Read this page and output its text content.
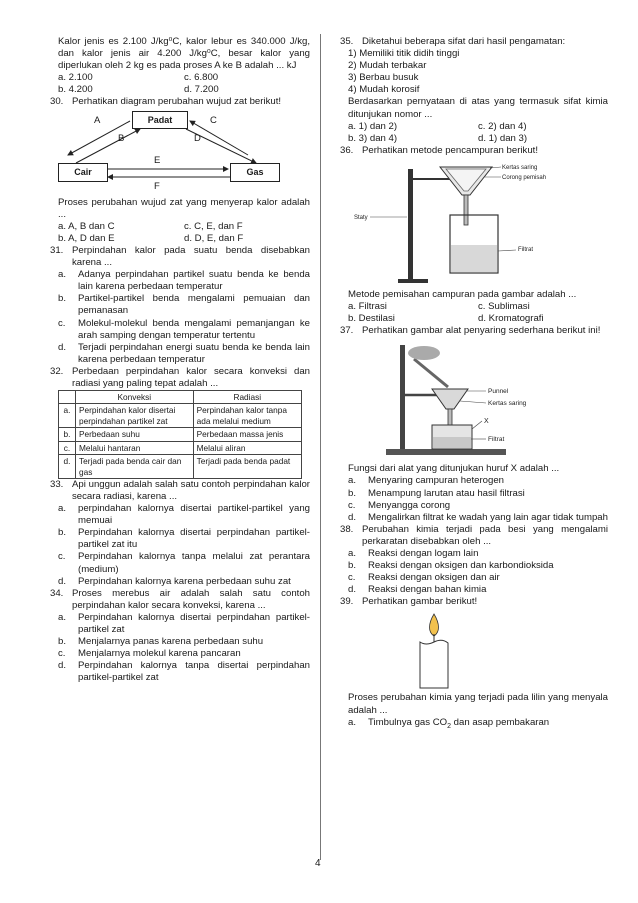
Kalor jenis es 2.100 J/kg⁰C, kalor lebur es 340.000 J/kg, dan kalor jenis air 4.200 J/kg⁰C, besar kalor yang diperlukan oleh 2 kg es pada proses A ke B adalah ... kJ
a. 2.100	c. 6.800
b. 4.200	d. 7.200
30. Perhatikan diagram perubahan wujud zat berikut!
Padat
Cair	Gas
A
B
C
D
E
F
Proses perubahan wujud zat yang menyerap kalor adalah ...
a. A, B dan C	c. C, E, dan F
b. A, D dan E	d. D, E, dan F
31. Perpindahan kalor pada suatu benda disebabkan karena ...
a.	Adanya perpindahan partikel suatu benda ke benda lain karena perbedaan temperatur
b.	Partikel-partikel benda mengalami pemuaian dan pemanasan
c.	Molekul-molekul benda mengalami pemanjangan ke arah samping dengan temperatur tertentu
d.	Terjadi perpindahan energi suatu benda ke benda lain karena perbedaan temperatur
32. Perbedaan perpindahan kalor secara konveksi dan radiasi yang paling tepat adalah ...
	Konveksi	Radiasi
a.	Perpindahan kalor disertai perpindahan partikel zat	Perpindahan kalor tanpa ada melalui medium
b.	Perbedaan suhu	Perbedaan massa jenis
c.	Melalui hantaran	Melalui aliran
d.	Terjadi pada benda cair dan gas	Terjadi pada benda padat
33. Api unggun adalah salah satu contoh perpindahan kalor secara radiasi, karena ...
a.	perpindahan kalornya disertai partikel-partikel yang memuai
b.	Perpindahan kalornya disertai perpindahan partikel-partikel zat itu
c.	Perpindahan kalornya tanpa melalui zat perantara (medium)
d.	Perpindahan kalornya karena perbedaan suhu zat
34. Proses merebus air adalah salah satu contoh perpindahan kalor secara konveksi, karena ...
a.	Perpindahan kalornya disertai perpindahan partikel-partikel zat
b.	Menjalarnya panas karena perbedaan suhu
c.	Menjalarnya molekul karena pancaran
d.	Perpindahan kalornya tanpa disertai perpindahan partikel-partikel zat
35. Diketahui beberapa sifat dari hasil pengamatan:
1) Memiliki titik didih tinggi
2) Mudah terbakar
3) Berbau busuk
4) Mudah korosif
Berdasarkan pernyataan di atas yang termasuk sifat kimia ditunjukan nomor ...
a. 1) dan 2)	c. 2) dan 4)
b. 3) dan 4)	d. 1) dan 3)
36. Perhatikan metode pencampuran berikut!
Kertas saring
Corong pemisah
Staty
Filtrat
Metode pemisahan campuran pada gambar adalah ...
a. Filtrasi	c. Sublimasi
b. Destilasi	d. Kromatografi
37. Perhatikan gambar alat penyaring sederhana berikut ini!
Punnel
Kertas saring
X
Filtrat
Fungsi dari alat yang ditunjukan huruf X adalah ...
a.	Menyaring campuran heterogen
b.	Menampung larutan atau hasil filtrasi
c.	Menyangga corong
d.	Mengalirkan filtrat ke wadah yang lain agar tidak tumpah
38. Perubahan kimia terjadi pada besi yang mengalami perkaratan disebabkan oleh ...
a.	Reaksi dengan logam lain
b.	Reaksi dengan oksigen dan karbondioksida
c.	Reaksi dengan oksigen dan air
d.	Reaksi dengan bahan kimia
39. Perhatikan gambar berikut!
Proses perubahan kimia yang terjadi pada lilin yang menyala adalah ...
a.	Timbulnya gas $CO_2$ dan asap pembakaran
4
